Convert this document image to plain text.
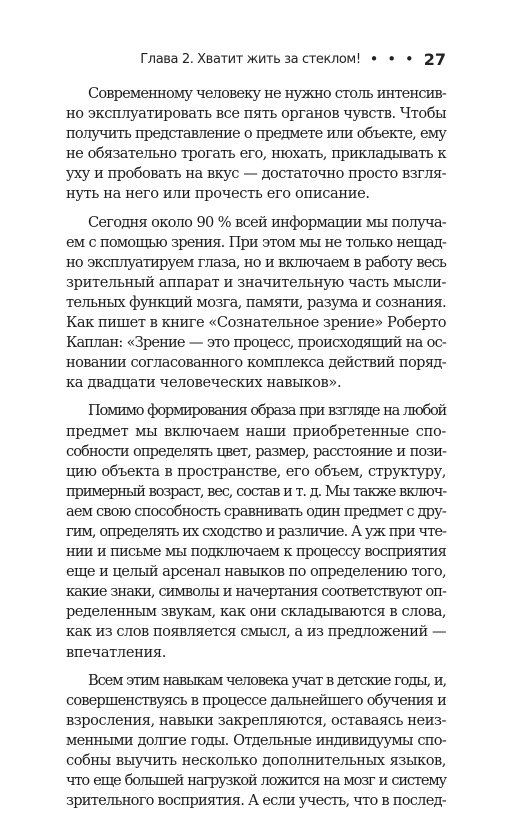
Глава 2. Хватит жить за стеклом! • • • 27
Современному человеку не нужно столь интенсив-
но эксплуатировать все пять органов чувств. Чтобы
получить представление о предмете или объекте, ему
не обязательно трогать его, нюхать, прикладывать к
уху и пробовать на вкус — достаточно просто взгля-
нуть на него или прочесть его описание.
Сегодня около 90 % всей информации мы получа-
ем с помощью зрения. При этом мы не только нещад-
но эксплуатируем глаза, но и включаем в работу весь
зрительный аппарат и значительную часть мысли-
тельных функций мозга, памяти, разума и сознания.
Как пишет в книге «Сознательное зрение» Роберто
Каплан: «Зрение — это процесс, происходящий на ос-
новании согласованного комплекса действий поряд-
ка двадцати человеческих навыков».
Помимо формирования образа при взгляде на любой
предмет мы включаем наши приобретенные спо-
собности определять цвет, размер, расстояние и пози-
цию объекта в пространстве, его объем, структуру,
примерный возраст, вес, состав и т. д. Мы также включ-
аем свою способность сравнивать один предмет с дру-
гим, определять их сходство и различие. А уж при чте-
нии и письме мы подключаем к процессу восприятия
еще и целый арсенал навыков по определению того,
какие знаки, символы и начертания соответствуют оп-
ределенным звукам, как они складываются в слова,
как из слов появляется смысл, а из предложений —
впечатления.
Всем этим навыкам человека учат в детские годы, и,
совершенствуясь в процессе дальнейшего обучения и
взросления, навыки закрепляются, оставаясь неиз-
менными долгие годы. Отдельные индивидуумы спо-
собны выучить несколько дополнительных языков,
что еще большей нагрузкой ложится на мозг и систему
зрительного восприятия. А если учесть, что в послед-
